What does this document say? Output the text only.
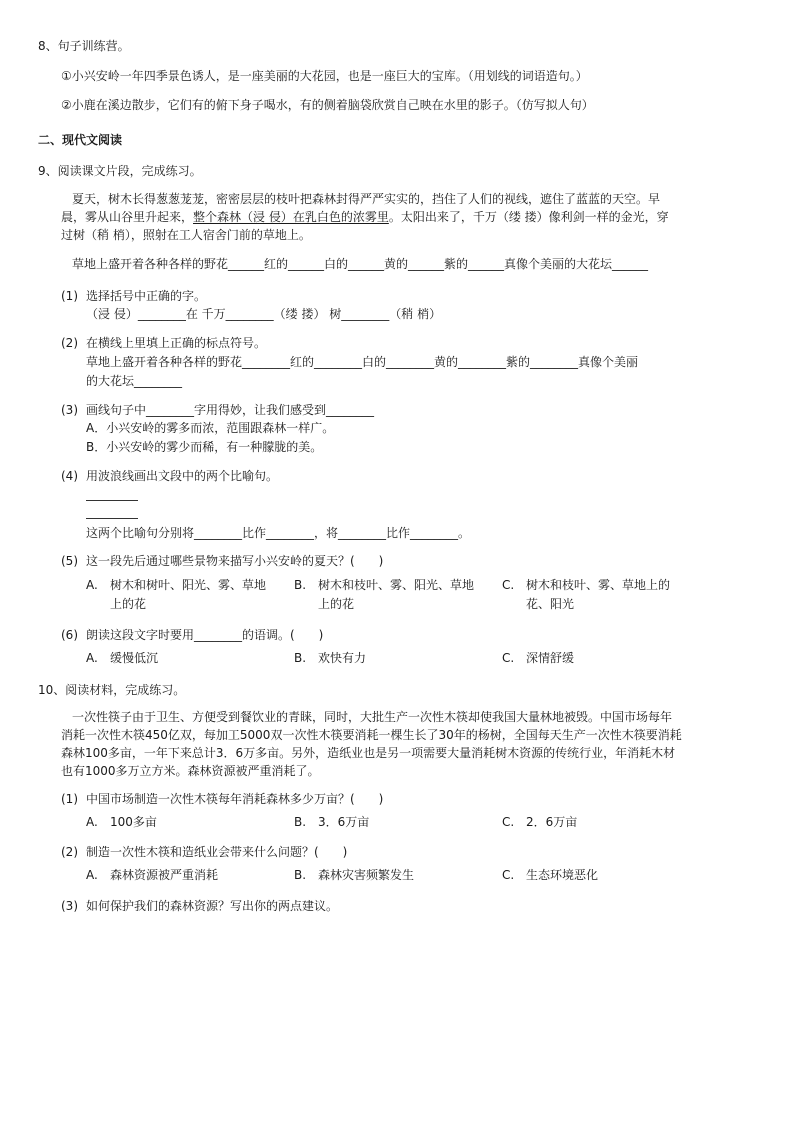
8、句子训练营。
①小兴安岭一年四季景色诱人，是一座美丽的大花园，也是一座巨大的宝库。（用划线的词语造句。）
②小鹿在溪边散步，它们有的俯下身子喝水，有的侧着脑袋欣赏自己映在水里的影子。（仿写拟人句）
二、现代文阅读
9、阅读课文片段，完成练习。
夏天，树木长得葱葱茏茏，密密层层的枝叶把森林封得严严实实的，挡住了人们的视线，遮住了蓝蓝的天空。早
晨，雾从山谷里升起来，整个森林（浸 侵）在乳白色的浓雾里。太阳出来了，千万（缕 搂）像利剑一样的金光，穿
过树（稍 梢），照射在工人宿舍门前的草地上。
草地上盛开着各种各样的野花______红的______白的______黄的______紫的______真像个美丽的大花坛______
(1) 选择括号中正确的字。
（浸 侵）________在 千万________（缕 搂） 树________（稍 梢）
(2) 在横线上里填上正确的标点符号。
草地上盛开着各种各样的野花________红的________白的________黄的________紫的________真像个美丽
的大花坛________
(3) 画线句子中________字用得妙，让我们感受到________
A．小兴安岭的雾多而浓，范围跟森林一样广。
B．小兴安岭的雾少而稀，有一种朦胧的美。
(4) 用波浪线画出文段中的两个比喻句。
这两个比喻句分别将________比作________，将________比作________。
(5) 这一段先后通过哪些景物来描写小兴安岭的夏天？(　　)
A. 树木和树叶、阳光、雾、草地
上的花
B. 树木和枝叶、雾、阳光、草地
上的花
C. 树木和枝叶、雾、草地上的
花、阳光
(6) 朗读这段文字时要用________的语调。(　　)
A. 缓慢低沉	B. 欢快有力	C. 深情舒缓
10、阅读材料，完成练习。
一次性筷子由于卫生、方便受到餐饮业的青睐，同时，大批生产一次性木筷却使我国大量林地被毁。中国市场每年
消耗一次性木筷450亿双，每加工5000双一次性木筷要消耗一棵生长了30年的杨树，全国每天生产一次性木筷要消耗
森林100多亩，一年下来总计3．6万多亩。另外，造纸业也是另一项需要大量消耗树木资源的传统行业，年消耗木材
也有1000多万立方米。森林资源被严重消耗了。
(1) 中国市场制造一次性木筷每年消耗森林多少万亩？(　　)
A. 100多亩	B. 3．6万亩	C. 2．6万亩
(2) 制造一次性木筷和造纸业会带来什么问题？(　　)
A. 森林资源被严重消耗	B. 森林灾害频繁发生	C. 生态环境恶化
(3) 如何保护我们的森林资源？写出你的两点建议。
